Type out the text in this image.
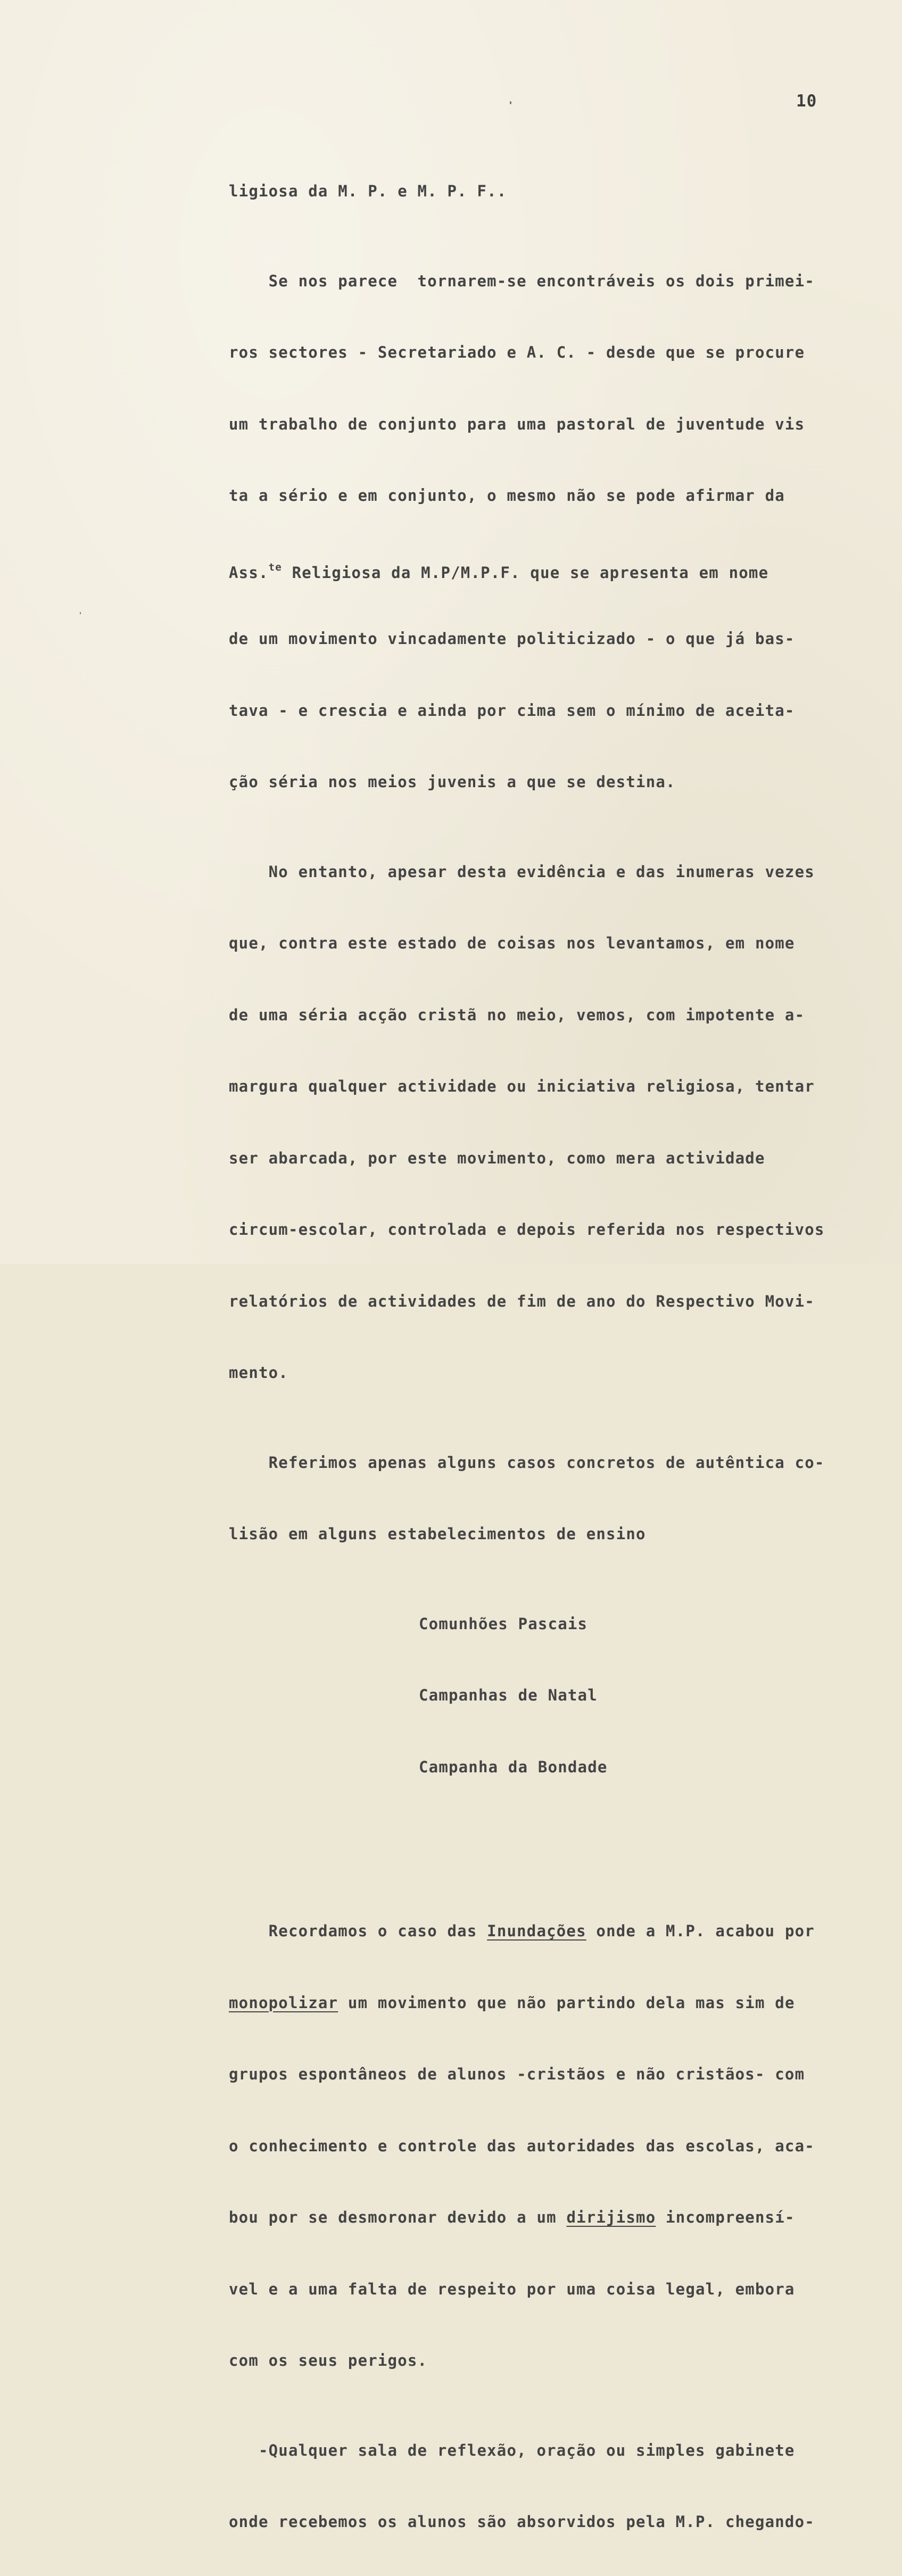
10

ligiosa da M. P. e M. P. F..

Se nos parece  tornarem-se encontráveis os dois primei-

ros sectores - Secretariado e A. C. - desde que se procure

um trabalho de conjunto para uma pastoral de juventude vis

ta a sério e em conjunto, o mesmo não se pode afirmar da

Ass.$^{te}$ Religiosa da M.P/M.P.F. que se apresenta em nome

de um movimento vincadamente politicizado - o que já bas-

tava - e crescia e ainda por cima sem o mínimo de aceita-

ção séria nos meios juvenis a que se destina.

No entanto, apesar desta evidência e das inumeras vezes

que, contra este estado de coisas nos levantamos, em nome

de uma séria acção cristã no meio, vemos, com impotente a-

margura qualquer actividade ou iniciativa religiosa, tentar

ser abarcada, por este movimento, como mera actividade

circum-escolar, controlada e depois referida nos respectivos

relatórios de actividades de fim de ano do Respectivo Movi-

mento.

Referimos apenas alguns casos concretos de autêntica co-

lisão em alguns estabelecimentos de ensino

Comunhões Pascais

Campanhas de Natal

Campanha da Bondade

Recordamos o caso das Inundações onde a M.P. acabou por

monopolizar um movimento que não partindo dela mas sim de

grupos espontâneos de alunos -cristãos e não cristãos- com

o conhecimento e controle das autoridades das escolas, aca-

bou por se desmoronar devido a um dirijismo incompreensí-

vel e a uma falta de respeito por uma coisa legal, embora

com os seus perigos.

-Qualquer sala de reflexão, oração ou simples gabinete

onde recebemos os alunos são absorvidos pela M.P. chegando-
